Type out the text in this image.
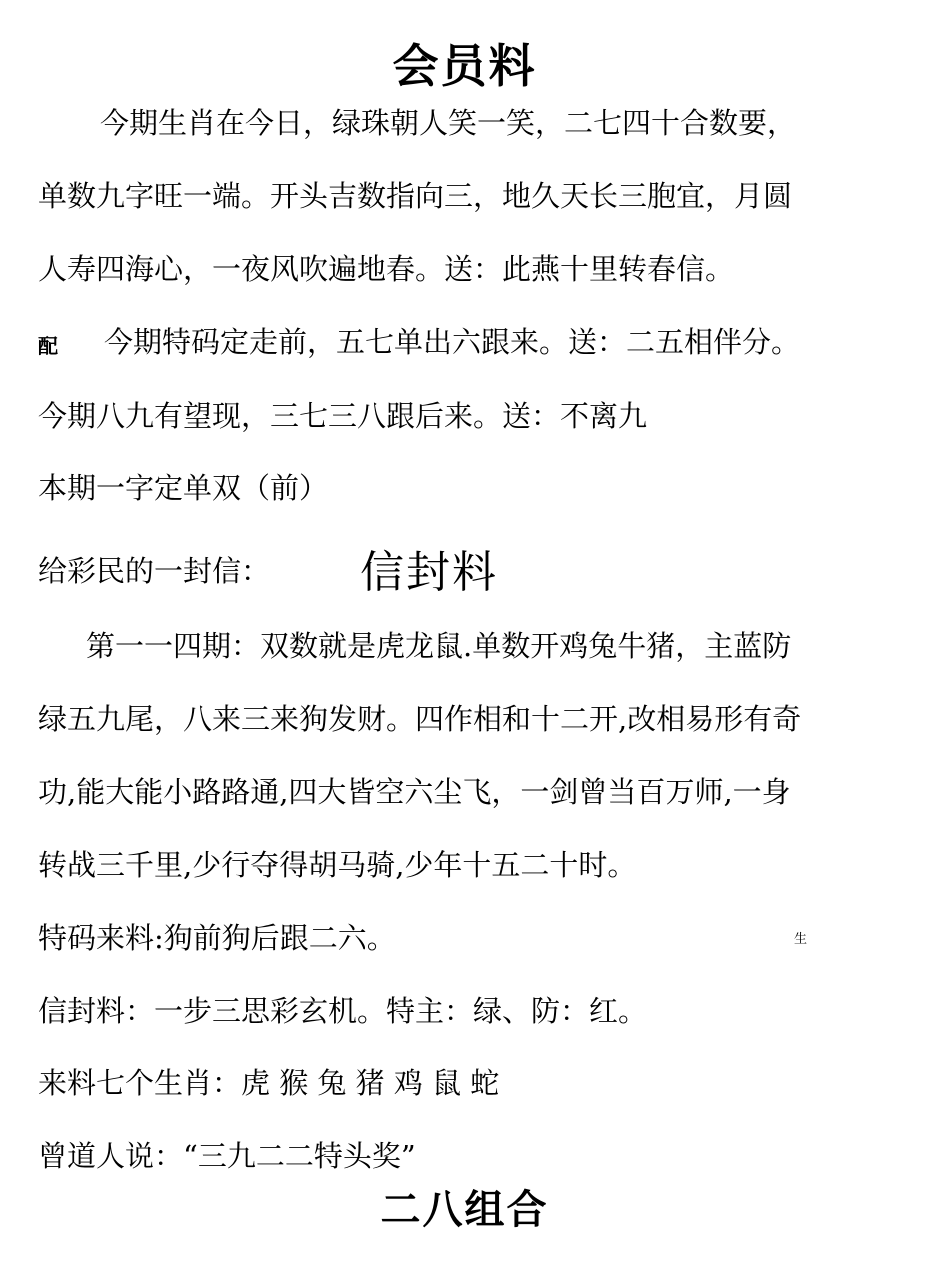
会员料
今期生肖在今日，绿珠朝人笑一笑，二七四十合数要，
单数九字旺一端。开头吉数指向三，地久天长三胞宜，月圆
人寿四海心，一夜风吹遍地春。送：此燕十里转春信。
配 今期特码定走前，五七单出六跟来。送：二五相伴分。
今期八九有望现，三七三八跟后来。送：不离九
本期一字定单双（前）
给彩民的一封信： 信封料
第一一四期：双数就是虎龙鼠.单数开鸡兔牛猪，主蓝防
绿五九尾，八来三来狗发财。四作相和十二开,改相易形有奇
功,能大能小路路通,四大皆空六尘飞，一剑曾当百万师,一身
转战三千里,少行夺得胡马骑,少年十五二十时。
特码来料:狗前狗后跟二六。	生
信封料：一步三思彩玄机。特主：绿、防：红。
来料七个生肖：虎 猴 兔 猪 鸡 鼠 蛇
曾道人说：“三九二二特头奖”
二八组合
